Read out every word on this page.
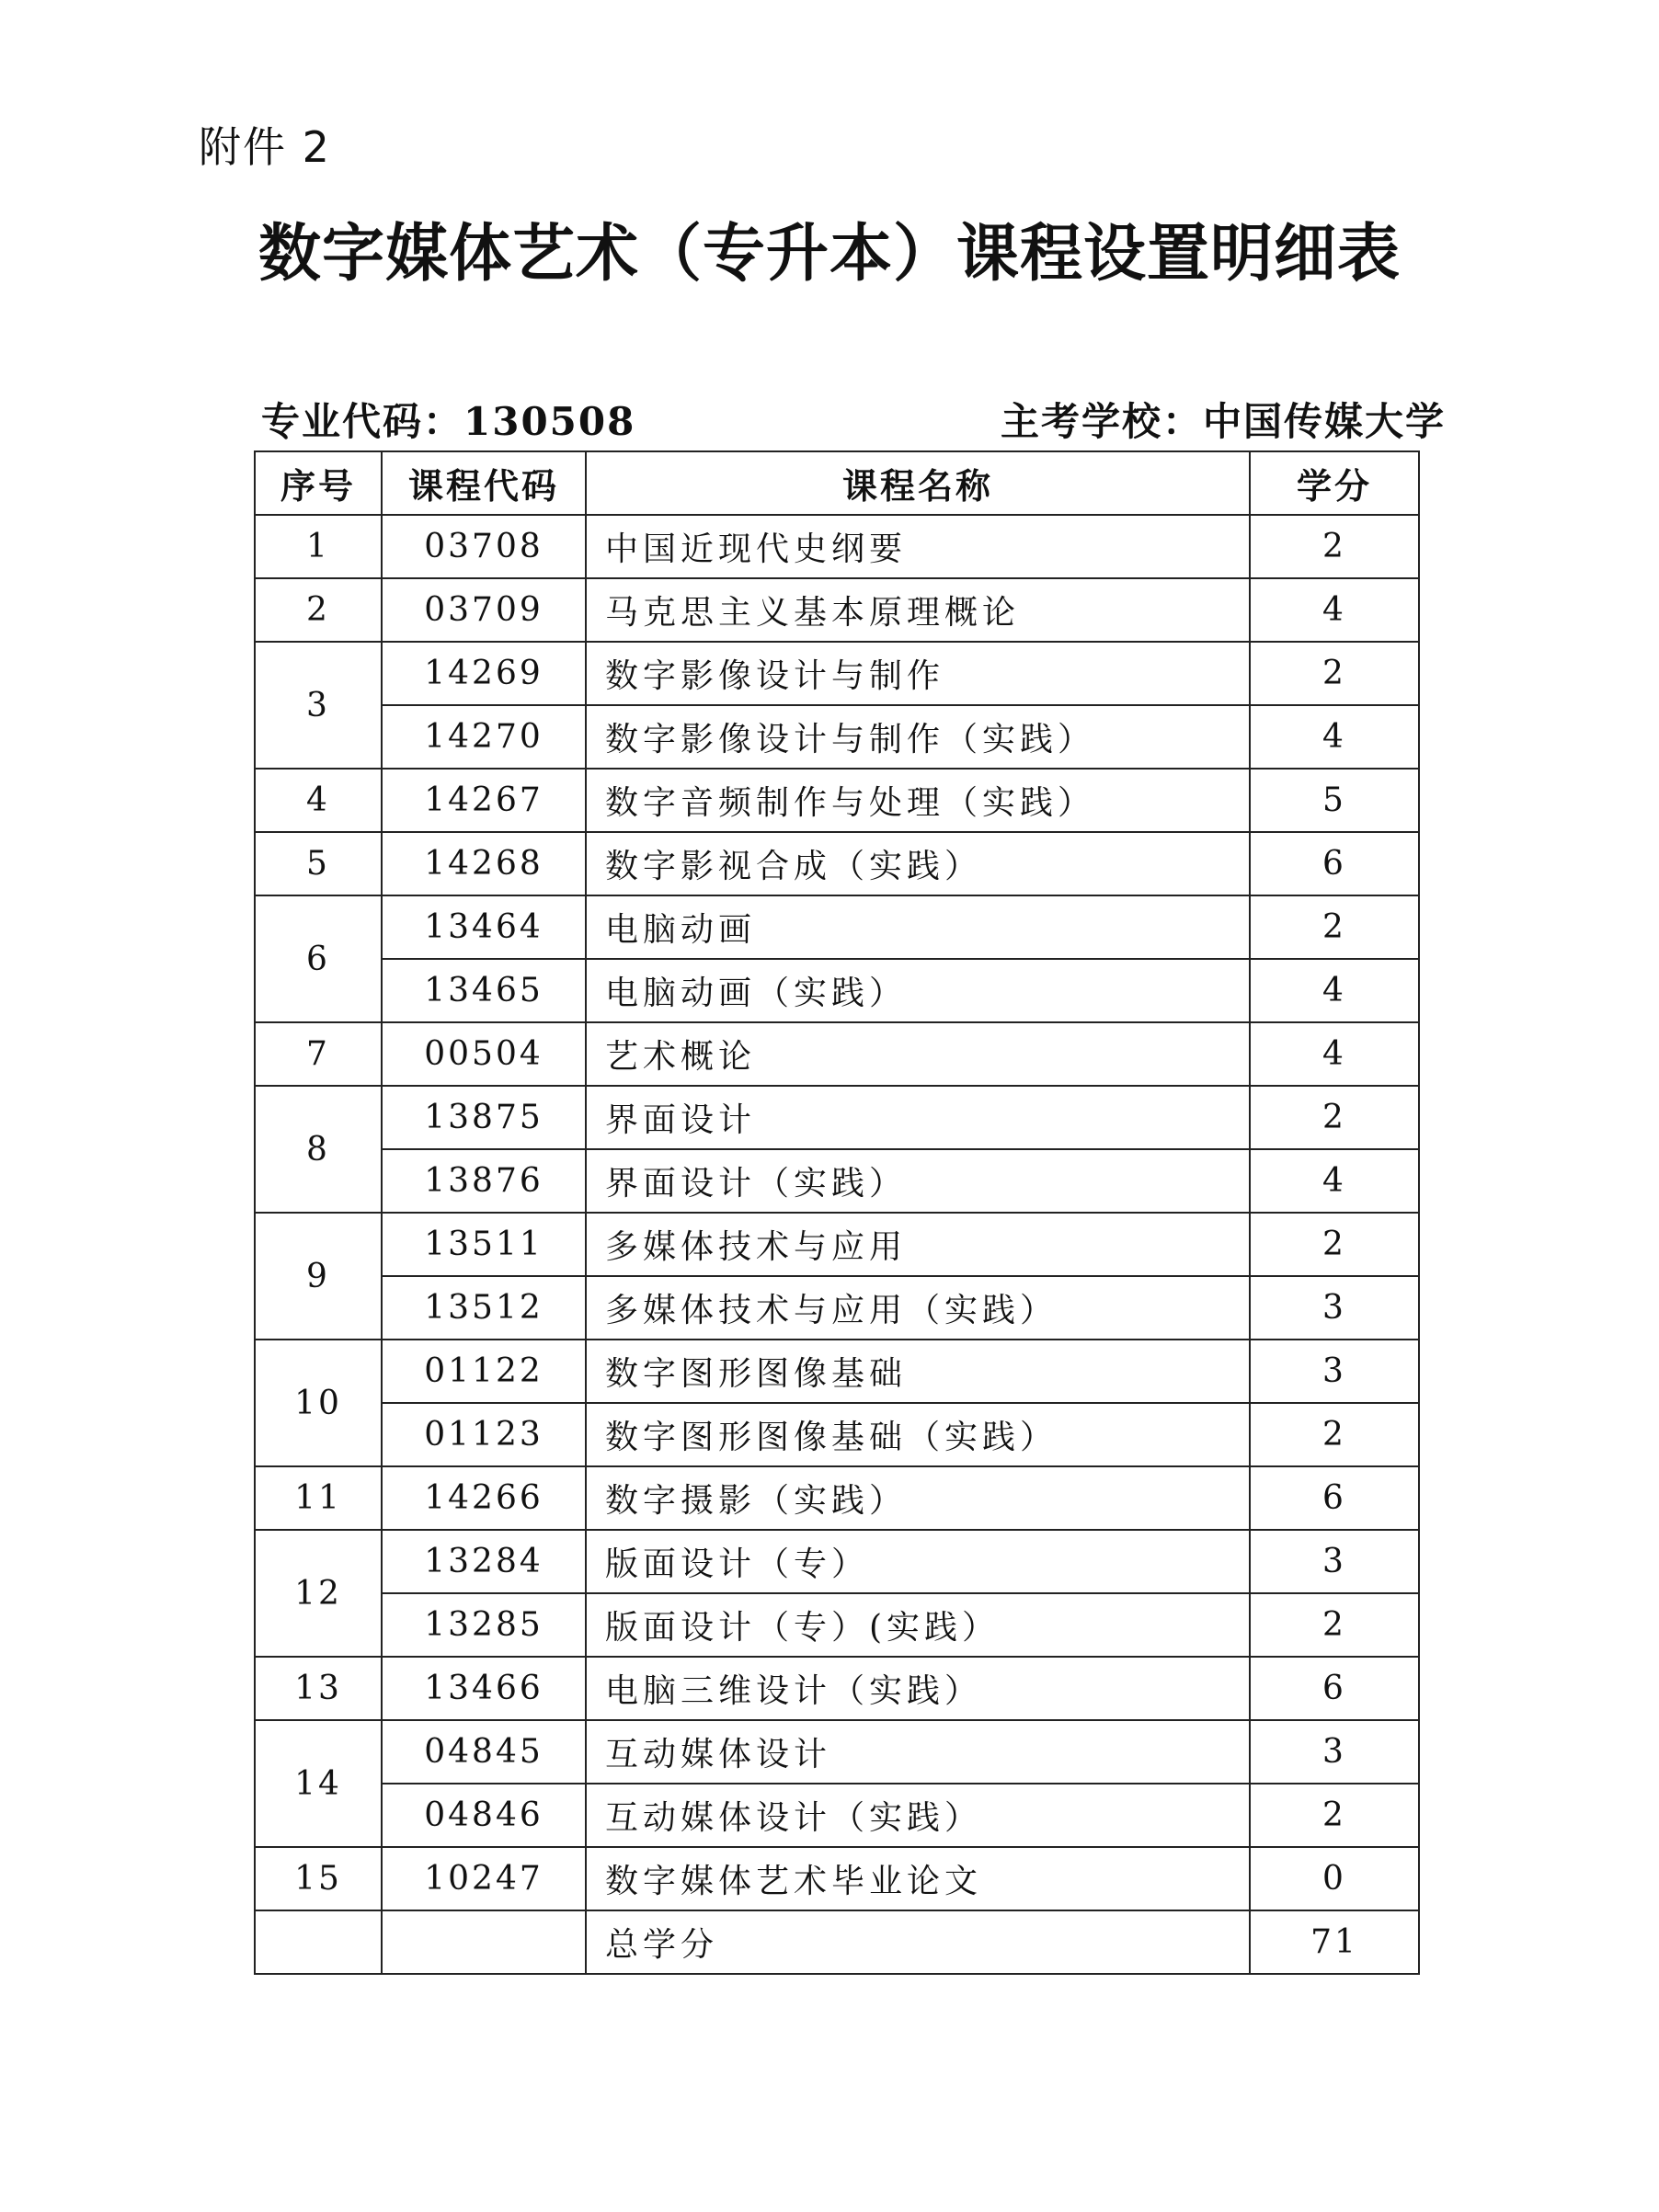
附件 2
数字媒体艺术（专升本）课程设置明细表
专业代码：130508	主考学校：中国传媒大学
序号	课程代码	课程名称	学分
1	03708	中国近现代史纲要	2
2	03709	马克思主义基本原理概论	4
3	14269	数字影像设计与制作	2
	14270	数字影像设计与制作（实践）	4
4	14267	数字音频制作与处理（实践）	5
5	14268	数字影视合成（实践）	6
6	13464	电脑动画	2
	13465	电脑动画（实践）	4
7	00504	艺术概论	4
8	13875	界面设计	2
	13876	界面设计（实践）	4
9	13511	多媒体技术与应用	2
	13512	多媒体技术与应用（实践）	3
10	01122	数字图形图像基础	3
	01123	数字图形图像基础（实践）	2
11	14266	数字摄影（实践）	6
12	13284	版面设计（专）	3
	13285	版面设计（专）(实践）	2
13	13466	电脑三维设计（实践）	6
14	04845	互动媒体设计	3
	04846	互动媒体设计（实践）	2
15	10247	数字媒体艺术毕业论文	0
		总学分	71
